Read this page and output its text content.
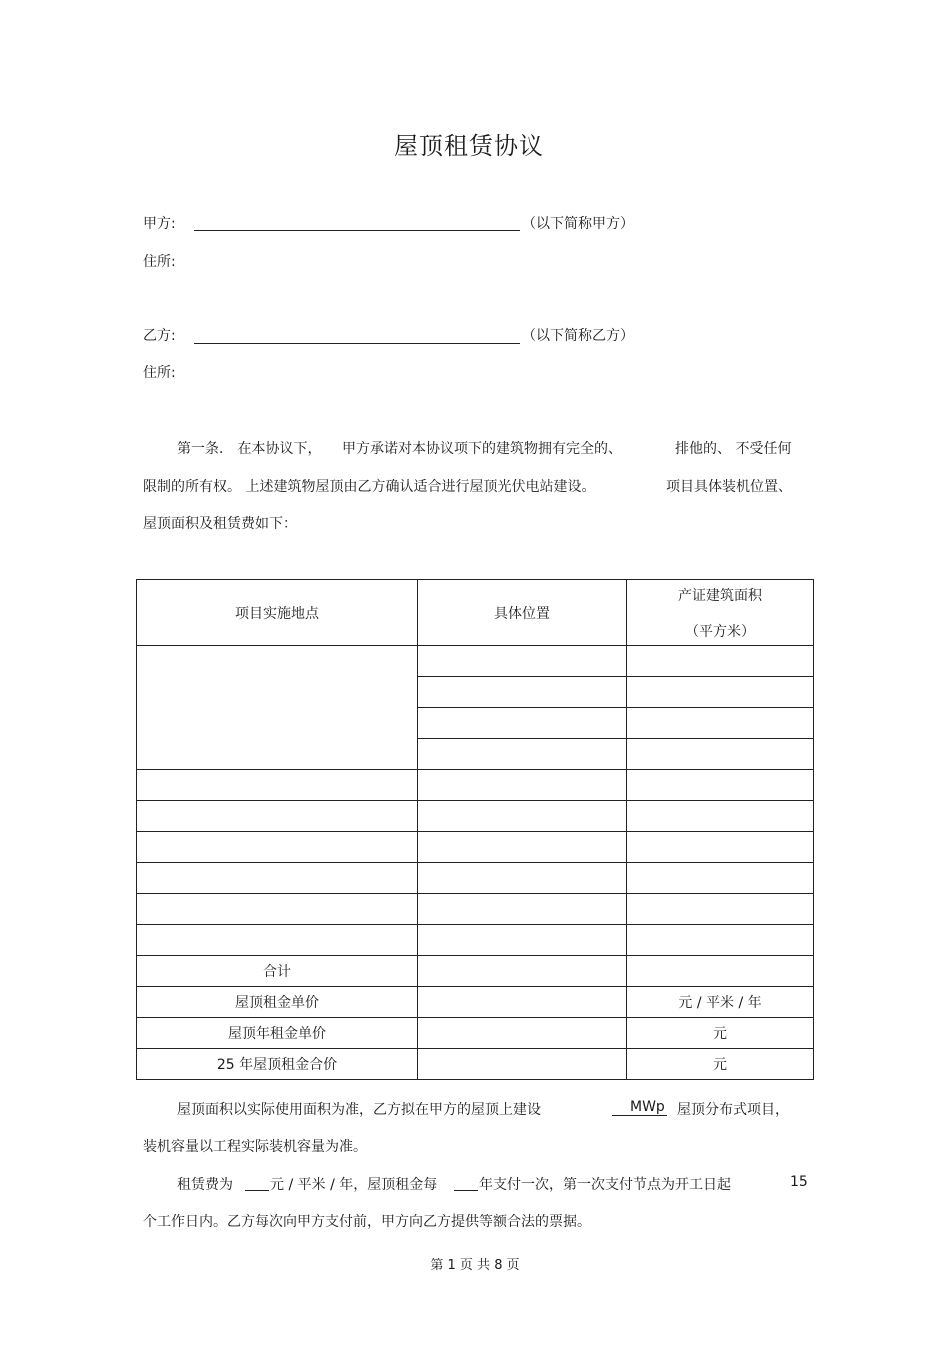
屋顶租赁协议
甲方:	（以下简称甲方）
住所:
乙方:	（以下简称乙方）
住所:
第一条． 在本协议下， 甲方承诺对本协议项下的建筑物拥有完全的、	排他的、 不受任何
限制的所有权。 上述建筑物屋顶由乙方确认适合进行屋顶光伏电站建设。	项目具体装机位置、
屋顶面积及租赁费如下：
项目实施地点	具体位置	产证建筑面积
（平方米）

合计		
屋顶租金单价		元 / 平米 / 年
屋顶年租金单价		元
25 年屋顶租金合价		元
屋顶面积以实际使用面积为准，乙方拟在甲方的屋顶上建设	MWp 屋顶分布式项目，
装机容量以工程实际装机容量为准。
租赁费为	元 / 平米 / 年，屋顶租金每	年支付一次，第一次支付节点为开工日起	15
个工作日内。乙方每次向甲方支付前，甲方向乙方提供等额合法的票据。
第 1 页 共 8 页
